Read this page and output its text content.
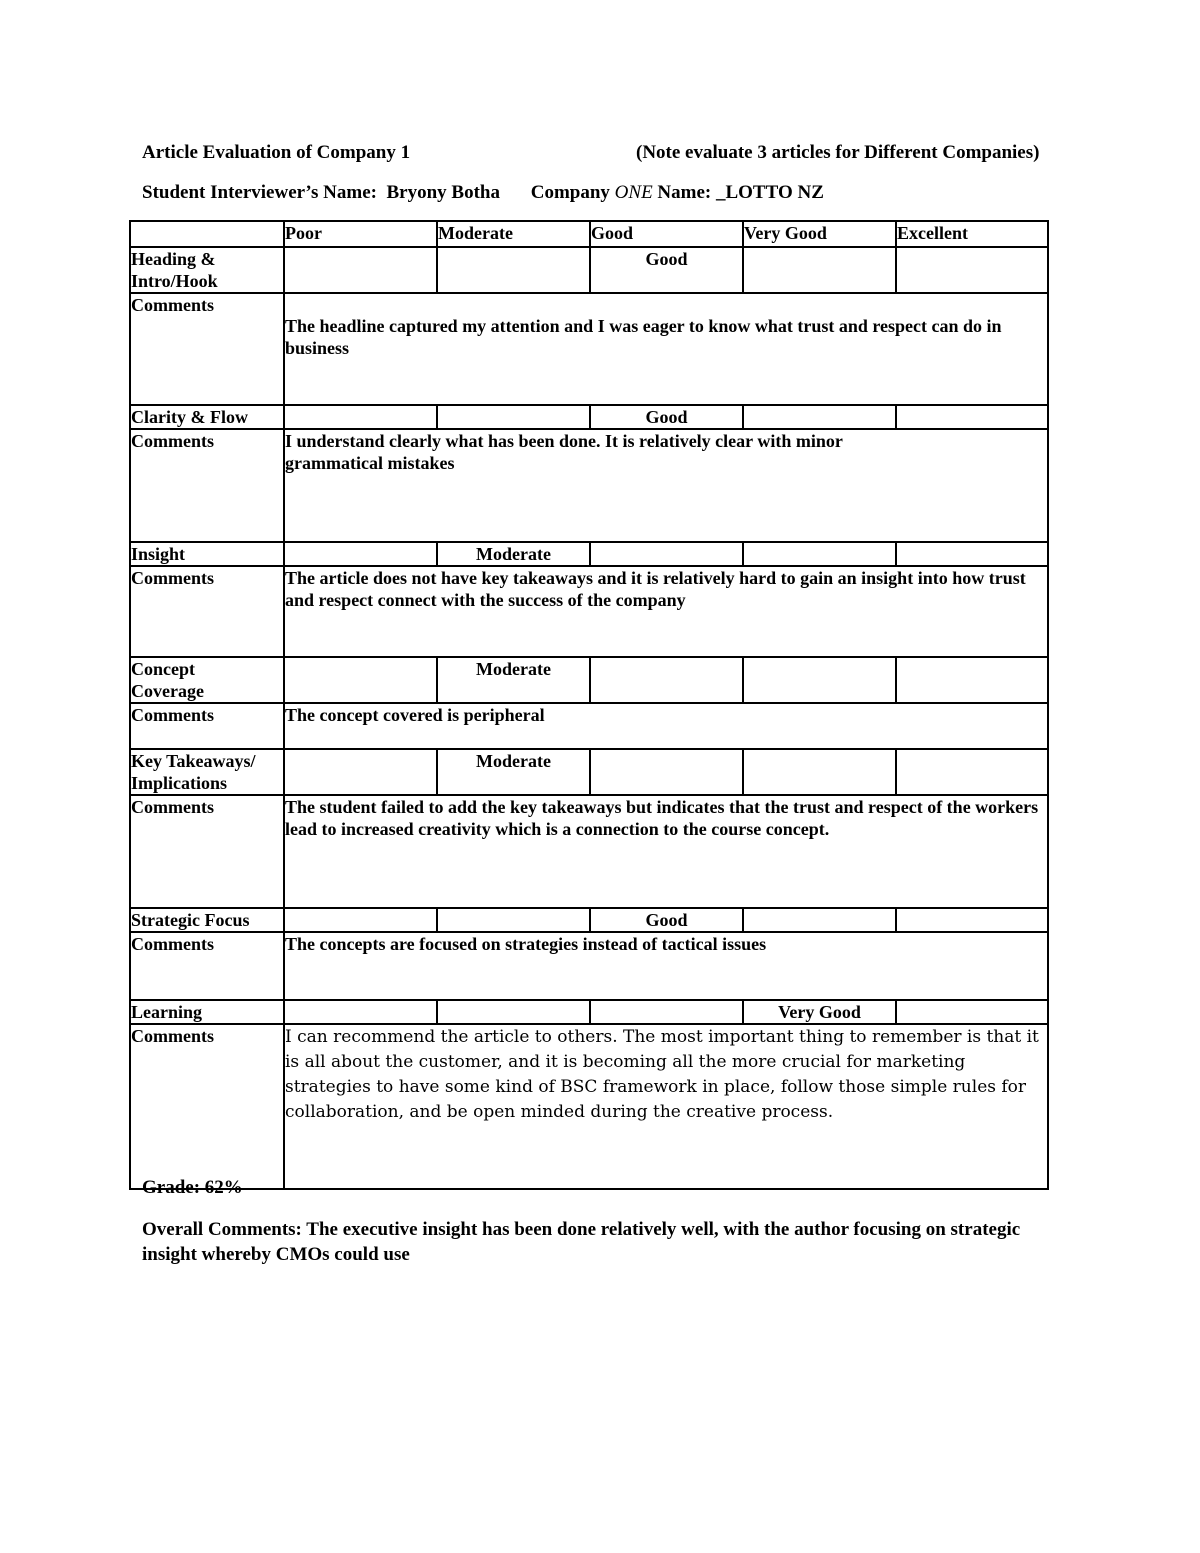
Article Evaluation of Company 1	(Note evaluate 3 articles for Different Companies)
Student Interviewer’s Name: Bryony Botha Company ONE Name: _LOTTO NZ
	Poor	Moderate	Good	Very Good	Excellent
Heading & Intro/Hook			Good		
Comments	The headline captured my attention and I was eager to know what trust and respect can do in business				
Clarity & Flow			Good		
Comments	I understand clearly what has been done. It is relatively clear with minor grammatical mistakes				
Insight		Moderate			
Comments	The article does not have key takeaways and it is relatively hard to gain an insight into how trust and respect connect with the success of the company				
Concept Coverage		Moderate			
Comments	The concept covered is peripheral				
Key Takeaways/ Implications		Moderate			
Comments	The student failed to add the key takeaways but indicates that the trust and respect of the workers lead to increased creativity which is a connection to the course concept.				
Strategic Focus			Good		
Comments	The concepts are focused on strategies instead of tactical issues				
Learning				Very Good	
Comments	I can recommend the article to others. The most important thing to remember is that it is all about the customer, and it is becoming all the more crucial for marketing strategies to have some kind of BSC framework in place, follow those simple rules for collaboration, and be open minded during the creative process.				
Grade: 62%
Overall Comments: The executive insight has been done relatively well, with the author focusing on strategic insight whereby CMOs could use
